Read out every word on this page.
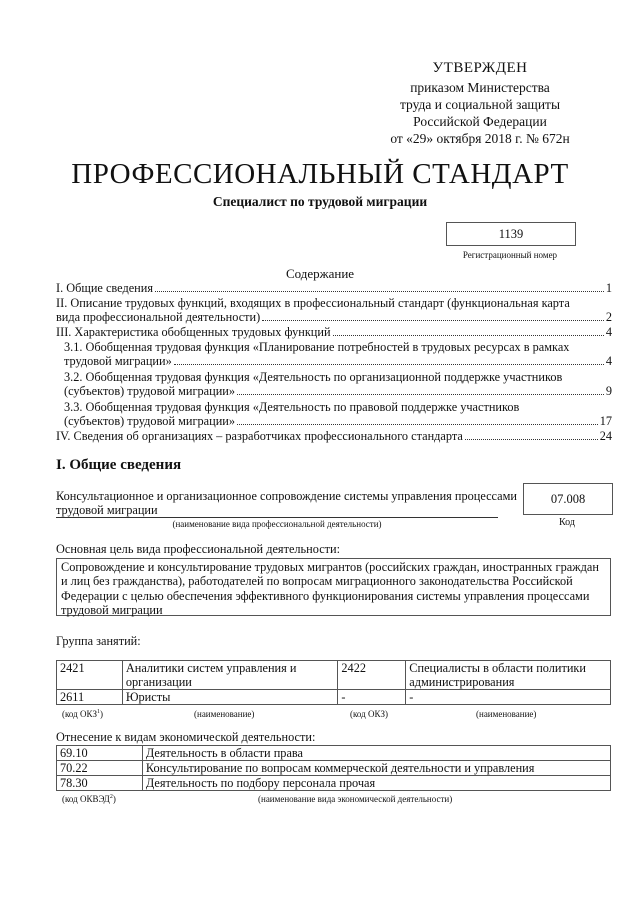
УТВЕРЖДЕН
приказом Министерства
труда и социальной защиты
Российской Федерации
от «29» октября 2018 г. № 672н
ПРОФЕССИОНАЛЬНЫЙ СТАНДАРТ
Специалист по трудовой миграции
1139
Регистрационный номер
Содержание
I. Общие сведения	1
II. Описание трудовых функций, входящих в профессиональный стандарт (функциональная карта
вида профессиональной деятельности)	2
III. Характеристика обобщенных трудовых функций	4
3.1. Обобщенная трудовая функция «Планирование потребностей в трудовых ресурсах в рамках
трудовой миграции»	4
3.2. Обобщенная трудовая функция «Деятельность по организационной поддержке участников
(субъектов) трудовой миграции»	9
3.3. Обобщенная трудовая функция «Деятельность по правовой поддержке участников
(субъектов) трудовой миграции»	17
IV. Сведения об организациях – разработчиках профессионального стандарта	24
I. Общие сведения
Консультационное и организационное сопровождение системы управления процессами трудовой миграции
(наименование вида профессиональной деятельности)
07.008
Код
Основная цель вида профессиональной деятельности:
Сопровождение и консультирование трудовых мигрантов (российских граждан, иностранных граждан и лиц без гражданства), работодателей по вопросам миграционного законодательства Российской Федерации с целью обеспечения эффективного функционирования системы управления процессами трудовой миграции
Группа занятий:
2421	Аналитики систем управления и организации	2422	Специалисты в области политики администрирования
2611	Юристы	-	-
(код ОКЗ$^1$)	(наименование)	(код ОКЗ)	(наименование)
Отнесение к видам экономической деятельности:
69.10	Деятельность в области права
70.22	Консультирование по вопросам коммерческой деятельности и управления
78.30	Деятельность по подбору персонала прочая
(код ОКВЭД$^2$)	(наименование вида экономической деятельности)
